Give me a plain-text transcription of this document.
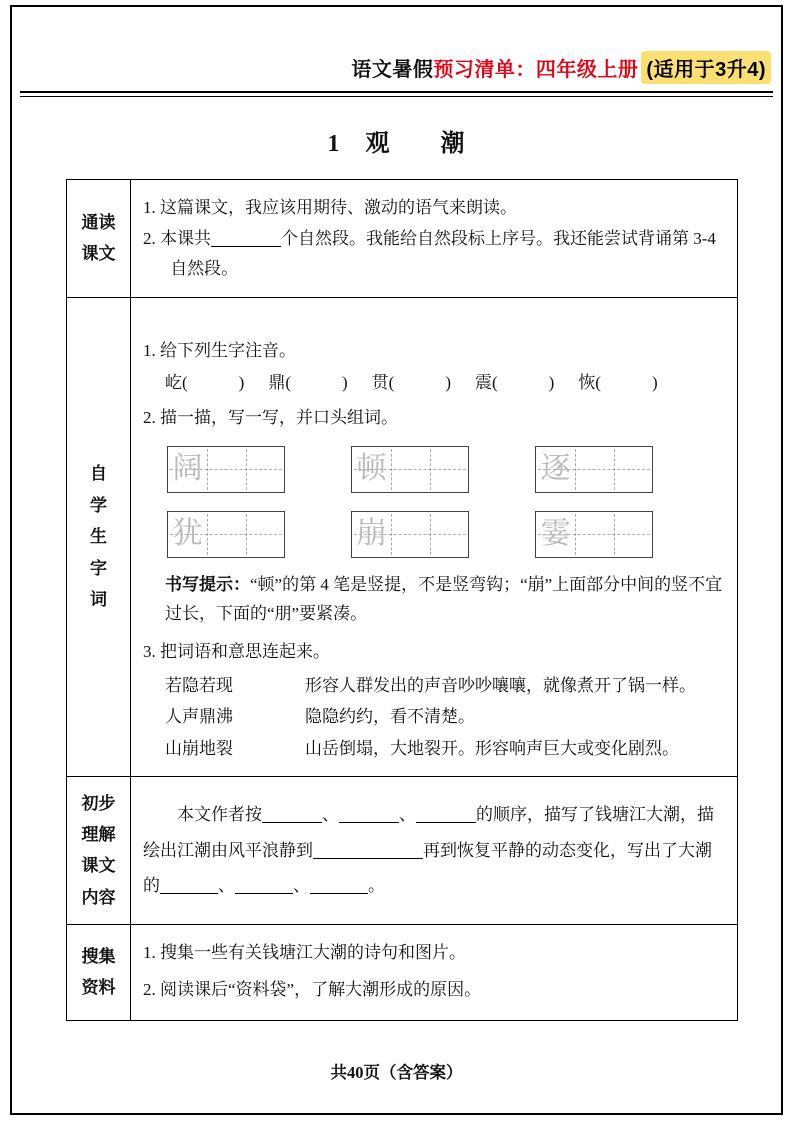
语文暑假 预习清单：四年级上册 (适用于3升4)
1　观　　潮
通读
课文
1. 这篇课文，我应该用期待、激动的语气来朗读。
2. 本课共	个自然段。我能给自然段标上序号。我还能尝试背诵第 3-4 自然段。
自
学
生
字
词
1. 给下列生字注音。
屹(　　　) 鼎(　　　) 贯(　　　) 震(　　　) 恢(　　　)
2. 描一描，写一写，并口头组词。
阔	顿	逐
犹	崩	霎
书写提示：“顿”的第 4 笔是竖提，不是竖弯钩；“崩”上面部分中间的竖不宜过长，下面的“朋”要紧凑。
3. 把词语和意思连起来。
若隐若现	形容人群发出的声音吵吵嚷嚷，就像煮开了锅一样。
人声鼎沸	隐隐约约，看不清楚。
山崩地裂	山岳倒塌，大地裂开。形容响声巨大或变化剧烈。
初步
理解
课文
内容
本文作者按	、	、	的顺序，描写了钱塘江大潮，描绘出江潮由风平浪静到	再到恢复平静的动态变化，写出了大潮的	、	、	。
搜集
资料
1. 搜集一些有关钱塘江大潮的诗句和图片。
2. 阅读课后“资料袋”，了解大潮形成的原因。
共40页（含答案）
